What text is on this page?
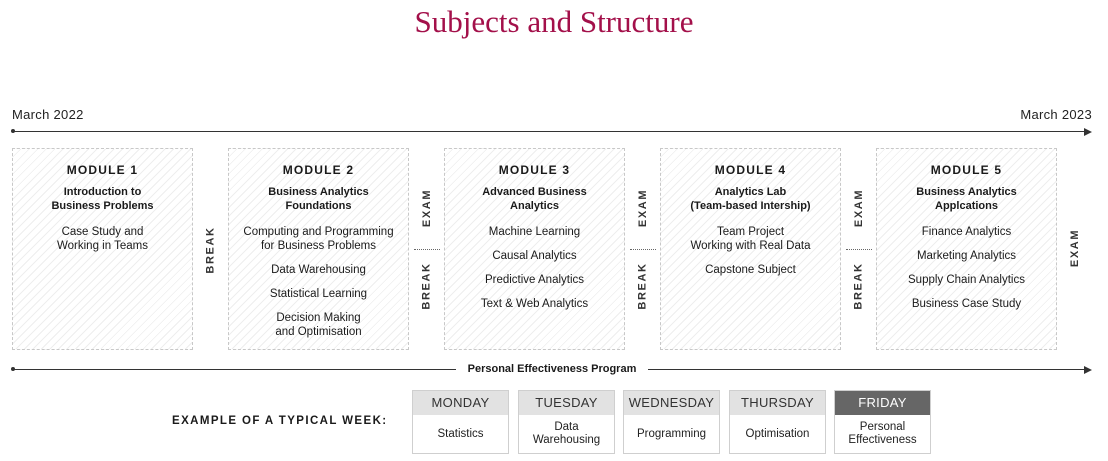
Subjects and Structure
March 2022	March 2023
MODULE 1
Introduction to
Business Problems
Case Study and
Working in Teams
MODULE 2
Business Analytics
Foundations
Computing and Programming
for Business Problems
Data Warehousing
Statistical Learning
Decision Making
and Optimisation
MODULE 3
Advanced Business
Analytics
Machine Learning
Causal Analytics
Predictive Analytics
Text & Web Analytics
MODULE 4
Analytics Lab
(Team-based Intership)
Team Project
Working with Real Data
Capstone Subject
MODULE 5
Business Analytics
Applcations
Finance Analytics
Marketing Analytics
Supply Chain Analytics
Business Case Study
BREAK
EXAM
BREAK
EXAM
BREAK
EXAM
BREAK
EXAM
Personal Effectiveness Program
EXAMPLE OF A TYPICAL WEEK:
MONDAY
Statistics
TUESDAY
Data
Warehousing
WEDNESDAY
Programming
THURSDAY
Optimisation
FRIDAY
Personal
Effectiveness
